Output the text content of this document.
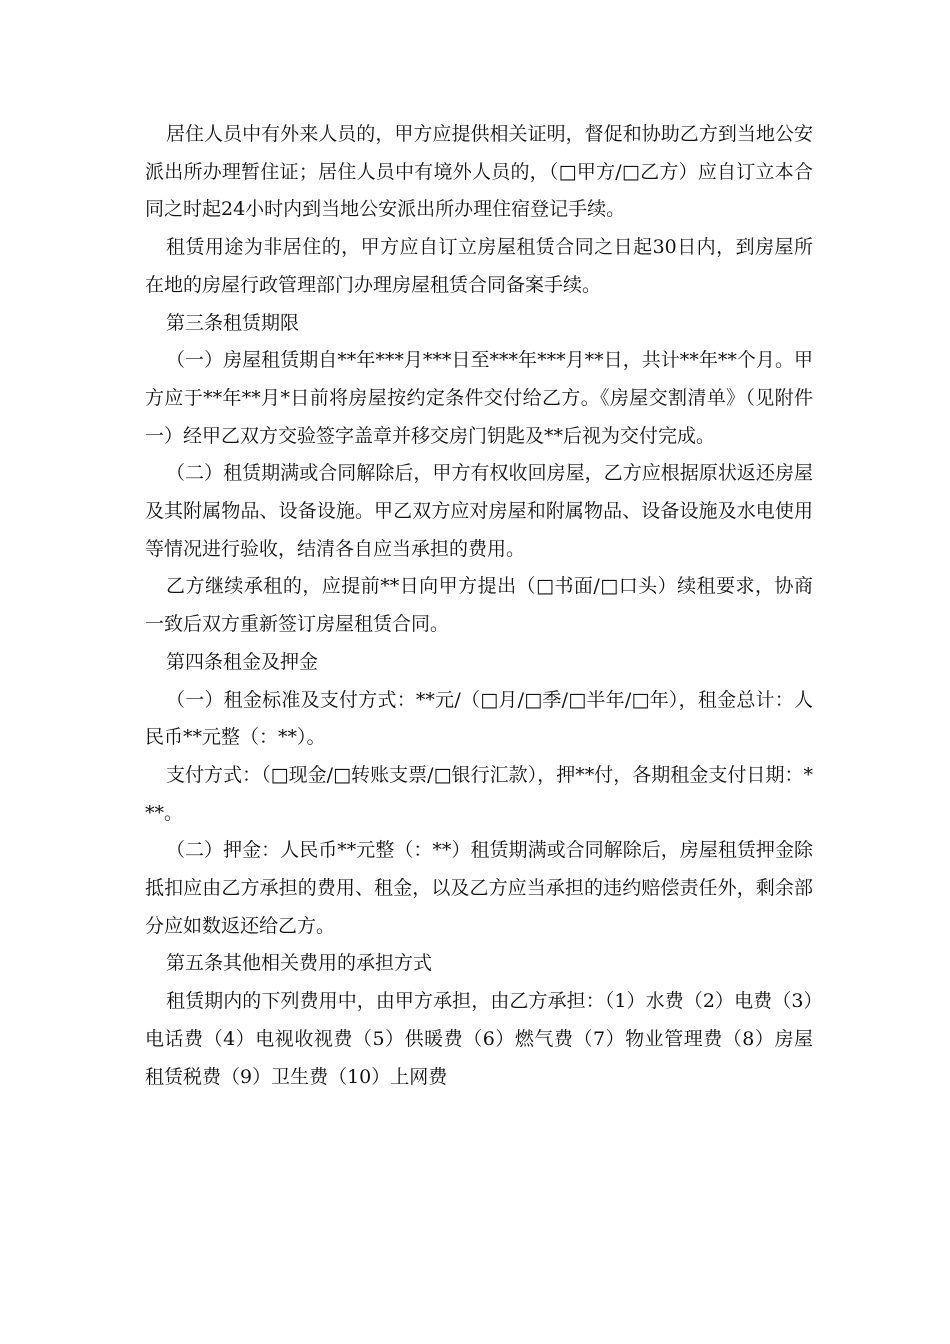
居住人员中有外来人员的，甲方应提供相关证明，督促和协助乙方到当地公安派出所办理暂住证；居住人员中有境外人员的，（□甲方/□乙方）应自订立本合同之时起24小时内到当地公安派出所办理住宿登记手续。

租赁用途为非居住的，甲方应自订立房屋租赁合同之日起30日内，到房屋所在地的房屋行政管理部门办理房屋租赁合同备案手续。

第三条租赁期限

（一）房屋租赁期自**年***月***日至***年***月**日，共计**年**个月。甲方应于**年**月*日前将房屋按约定条件交付给乙方。《房屋交割清单》（见附件一）经甲乙双方交验签字盖章并移交房门钥匙及**后视为交付完成。

（二）租赁期满或合同解除后，甲方有权收回房屋，乙方应根据原状返还房屋及其附属物品、设备设施。甲乙双方应对房屋和附属物品、设备设施及水电使用等情况进行验收，结清各自应当承担的费用。

乙方继续承租的，应提前**日向甲方提出（□书面/□口头）续租要求，协商一致后双方重新签订房屋租赁合同。

第四条租金及押金

（一）租金标准及支付方式：**元/（□月/□季/□半年/□年），租金总计：人民币**元整（：**）。

支付方式：（□现金/□转账支票/□银行汇款），押**付，各期租金支付日期：***。

（二）押金：人民币**元整（：**）租赁期满或合同解除后，房屋租赁押金除抵扣应由乙方承担的费用、租金，以及乙方应当承担的违约赔偿责任外，剩余部分应如数返还给乙方。

第五条其他相关费用的承担方式

租赁期内的下列费用中，由甲方承担，由乙方承担：（1）水费（2）电费（3）电话费（4）电视收视费（5）供暖费（6）燃气费（7）物业管理费（8）房屋租赁税费（9）卫生费（10）上网费
